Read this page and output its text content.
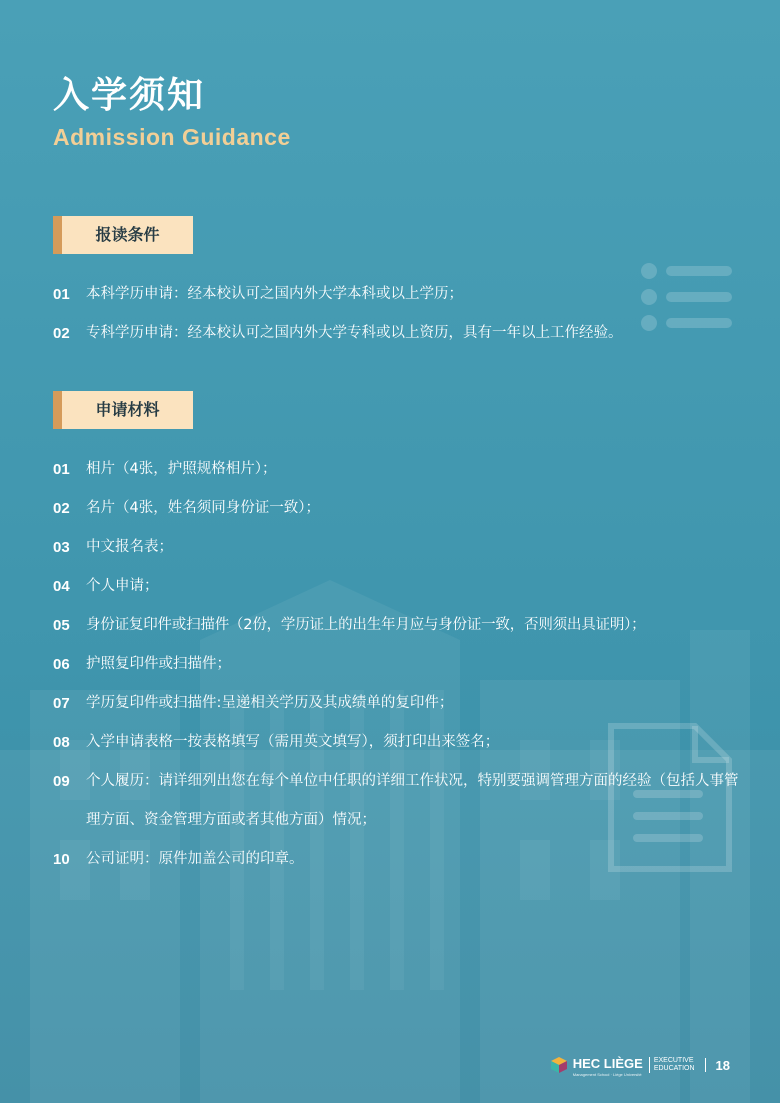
入学须知
Admission Guidance
报读条件
01	本科学历申请：经本校认可之国内外大学本科或以上学历；
02	专科学历申请：经本校认可之国内外大学专科或以上资历，具有一年以上工作经验。
申请材料
01	相片（4张，护照规格相片）；
02	名片（4张，姓名须同身份证一致）；
03	中文报名表；
04	个人申请；
05	身份证复印件或扫描件（2份，学历证上的出生年月应与身份证一致，否则须出具证明）；
06	护照复印件或扫描件；
07	学历复印件或扫描件:呈递相关学历及其成绩单的复印件；
08	入学申请表格一按表格填写（需用英文填写），须打印出来签名；
09	个人履历：请详细列出您在每个单位中任职的详细工作状况，特别要强调管理方面的经验（包括人事管理方面、资金管理方面或者其他方面）情况；
10	公司证明：原件加盖公司的印章。
HEC LIÈGE
Management School · Liège Université
EXECUTIVE
EDUCATION 18
